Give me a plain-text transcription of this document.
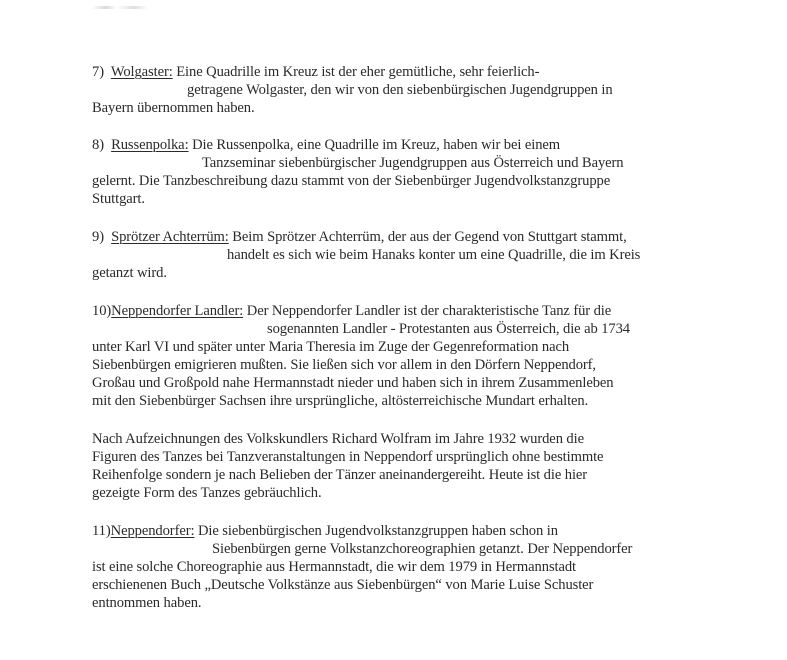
7) Wolgaster: Eine Quadrille im Kreuz ist der eher gemütliche, sehr feierlich-
getragene Wolgaster, den wir von den siebenbürgischen Jugendgruppen in
Bayern übernommen haben.
8) Russenpolka: Die Russenpolka, eine Quadrille im Kreuz, haben wir bei einem
Tanzseminar siebenbürgischer Jugendgruppen aus Österreich und Bayern
gelernt. Die Tanzbeschreibung dazu stammt von der Siebenbürger Jugendvolkstanzgruppe
Stuttgart.
9) Sprötzer Achterrüm: Beim Sprötzer Achterrüm, der aus der Gegend von Stuttgart stammt,
handelt es sich wie beim Hanaks konter um eine Quadrille, die im Kreis
getanzt wird.
10)Neppendorfer Landler: Der Neppendorfer Landler ist der charakteristische Tanz für die
sogenannten Landler - Protestanten aus Österreich, die ab 1734
unter Karl VI und später unter Maria Theresia im Zuge der Gegenreformation nach
Siebenbürgen emigrieren mußten. Sie ließen sich vor allem in den Dörfern Neppendorf,
Großau und Großpold nahe Hermannstadt nieder und haben sich in ihrem Zusammenleben
mit den Siebenbürger Sachsen ihre ursprüngliche, altösterreichische Mundart erhalten.
Nach Aufzeichnungen des Volkskundlers Richard Wolfram im Jahre 1932 wurden die
Figuren des Tanzes bei Tanzveranstaltungen in Neppendorf ursprünglich ohne bestimmte
Reihenfolge sondern je nach Belieben der Tänzer aneinandergereiht. Heute ist die hier
gezeigte Form des Tanzes gebräuchlich.
11)Neppendorfer: Die siebenbürgischen Jugendvolkstanzgruppen haben schon in
Siebenbürgen gerne Volkstanzchoreographien getanzt. Der Neppendorfer
ist eine solche Choreographie aus Hermannstadt, die wir dem 1979 in Hermannstadt
erschienenen Buch „Deutsche Volkstänze aus Siebenbürgen“ von Marie Luise Schuster
entnommen haben.
